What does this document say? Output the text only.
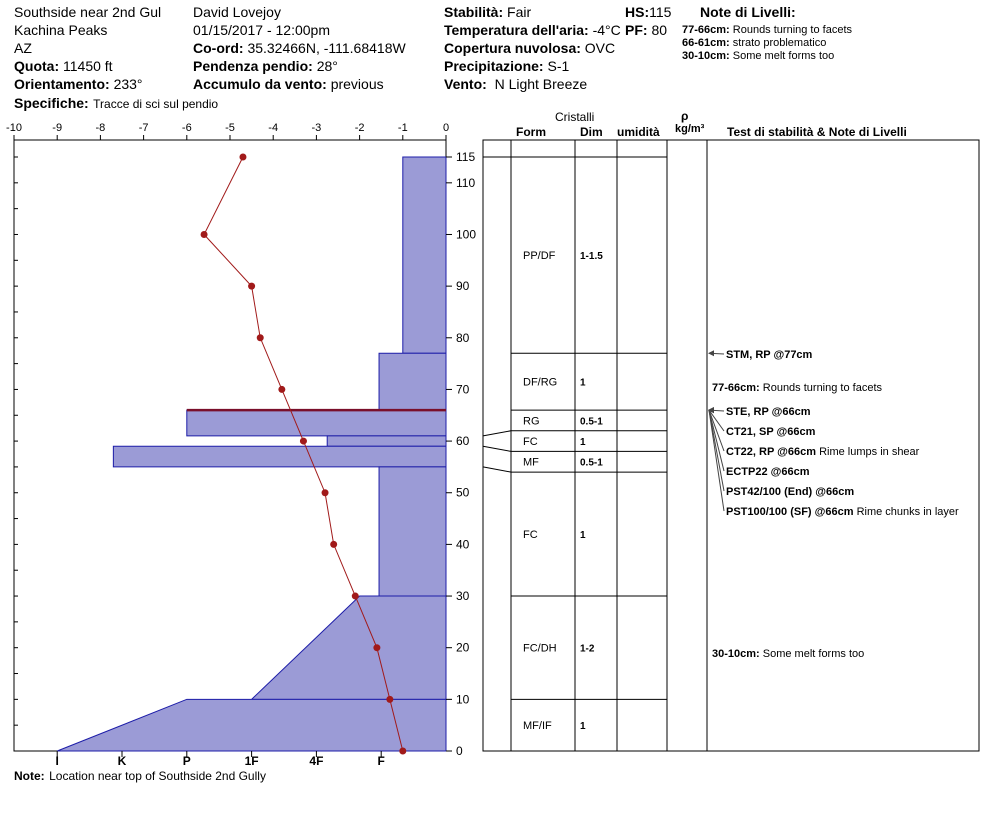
Southside near 2nd Gul
Kachina Peaks
AZ
Quota: 11450 ft
Orientamento: 233°
Specifiche: Tracce di sci sul pendio
David Lovejoy
01/15/2017 - 12:00pm
Co-ord: 35.32466N, -111.68418W
Pendenza pendio: 28°
Accumulo da vento: previous
Stabilità: Fair
Temperatura dell'aria: -4°C
Copertura nuvolosa: OVC
Precipitazione: S-1
Vento: N Light Breeze
HS:115
PF: 80
Note di Livelli:
77-66cm: Rounds turning to facets
66-61cm: strato problematico
30-10cm: Some melt forms too
Cristalli
Form	Dim umidità
ρ
kg/m³ Test di stabilità & Note di Livelli
Note: Location near top of Southside 2nd Gully
-10	-9	-8	-7	-6	-5	-4	-3	-2	-1	0
0
10
20
30
40
50
60
70
80
90
100
110
115
I	K	P	1F	4F	F
PP/DF 1-1.5
DF/RG 1
RG	0.5-1
FC	1
MF	0.5-1
FC	1
FC/DH 1-2
MF/IF	1
STM, RP @77cm
77-66cm: Rounds turning to facets
STE, RP @66cm
CT21, SP @66cm
CT22, RP @66cm Rime lumps in shear
ECTP22 @66cm
PST42/100 (End) @66cm
PST100/100 (SF) @66cm Rime chunks in layer
30-10cm: Some melt forms too
